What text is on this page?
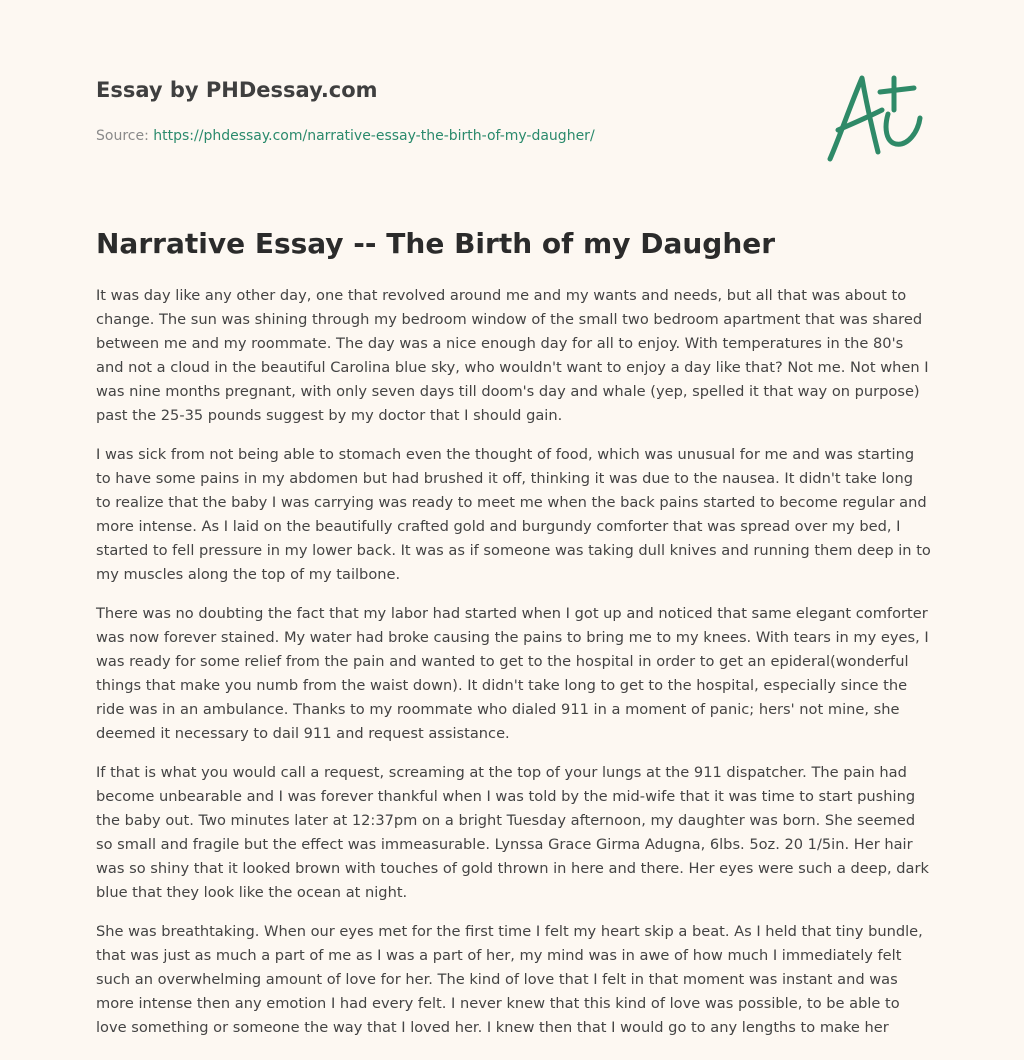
Essay by PHDessay.com
Source: https://phdessay.com/narrative-essay-the-birth-of-my-daugher/
Narrative Essay -- The Birth of my Daugher

It was day like any other day, one that revolved around me and my wants and needs, but all that was about to change. The sun was shining through my bedroom window of the small two bedroom apartment that was shared between me and my roommate. The day was a nice enough day for all to enjoy. With temperatures in the 80's and not a cloud in the beautiful Carolina blue sky, who wouldn't want to enjoy a day like that? Not me. Not when I was nine months pregnant, with only seven days till doom's day and whale (yep, spelled it that way on purpose) past the 25-35 pounds suggest by my doctor that I should gain.

I was sick from not being able to stomach even the thought of food, which was unusual for me and was starting to have some pains in my abdomen but had brushed it off, thinking it was due to the nausea. It didn't take long to realize that the baby I was carrying was ready to meet me when the back pains started to become regular and more intense. As I laid on the beautifully crafted gold and burgundy comforter that was spread over my bed, I started to fell pressure in my lower back. It was as if someone was taking dull knives and running them deep in to my muscles along the top of my tailbone.

There was no doubting the fact that my labor had started when I got up and noticed that same elegant comforter was now forever stained. My water had broke causing the pains to bring me to my knees. With tears in my eyes, I was ready for some relief from the pain and wanted to get to the hospital in order to get an epideral(wonderful things that make you numb from the waist down). It didn't take long to get to the hospital, especially since the ride was in an ambulance. Thanks to my roommate who dialed 911 in a moment of panic; hers' not mine, she deemed it necessary to dail 911 and request assistance.

If that is what you would call a request, screaming at the top of your lungs at the 911 dispatcher. The pain had become unbearable and I was forever thankful when I was told by the mid-wife that it was time to start pushing the baby out. Two minutes later at 12:37pm on a bright Tuesday afternoon, my daughter was born. She seemed so small and fragile but the effect was immeasurable. Lynssa Grace Girma Adugna, 6lbs. 5oz. 20 1/5in. Her hair was so shiny that it looked brown with touches of gold thrown in here and there. Her eyes were such a deep, dark blue that they look like the ocean at night.

She was breathtaking. When our eyes met for the first time I felt my heart skip a beat. As I held that tiny bundle, that was just as much a part of me as I was a part of her, my mind was in awe of how much I immediately felt such an overwhelming amount of love for her. The kind of love that I felt in that moment was instant and was more intense then any emotion I had every felt. I never knew that this kind of love was possible, to be able to love something or someone the way that I loved her. I knew then that I would go to any lengths to make her
